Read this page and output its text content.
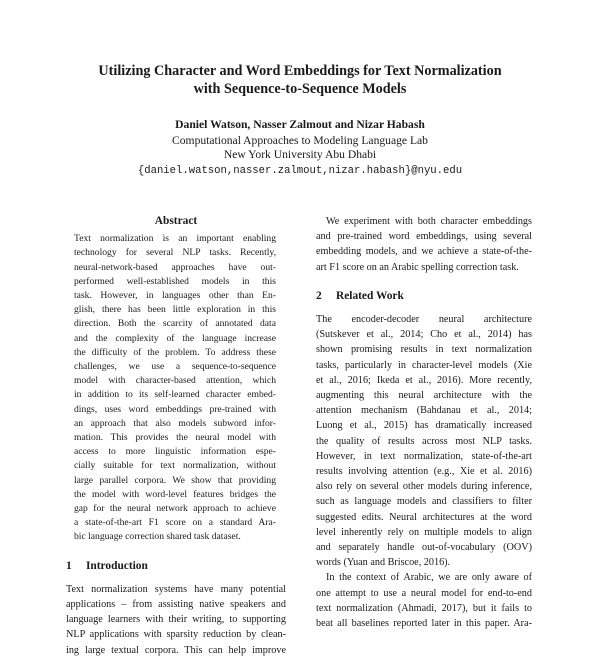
Utilizing Character and Word Embeddings for Text Normalization
with Sequence-to-Sequence Models
Daniel Watson, Nasser Zalmout and Nizar Habash
Computational Approaches to Modeling Language Lab
New York University Abu Dhabi
{daniel.watson,nasser.zalmout,nizar.habash}@nyu.edu
Abstract
Text normalization is an important enabling
technology for several NLP tasks. Recently,
neural-network-based approaches have out-
performed well-established models in this
task. However, in languages other than En-
glish, there has been little exploration in this
direction. Both the scarcity of annotated data
and the complexity of the language increase
the difficulty of the problem. To address these
challenges, we use a sequence-to-sequence
model with character-based attention, which
in addition to its self-learned character embed-
dings, uses word embeddings pre-trained with
an approach that also models subword infor-
mation. This provides the neural model with
access to more linguistic information espe-
cially suitable for text normalization, without
large parallel corpora. We show that providing
the model with word-level features bridges the
gap for the neural network approach to achieve
a state-of-the-art F1 score on a standard Ara-
bic language correction shared task dataset.
1 Introduction
Text normalization systems have many potential
applications – from assisting native speakers and
language learners with their writing, to supporting
NLP applications with sparsity reduction by clean-
ing large textual corpora. This can help improve
We experiment with both character embeddings
and pre-trained word embeddings, using several
embedding models, and we achieve a state-of-the-
art F1 score on an Arabic spelling correction task.
2 Related Work
The encoder-decoder neural architecture
(Sutskever et al., 2014; Cho et al., 2014) has
shown promising results in text normalization
tasks, particularly in character-level models (Xie
et al., 2016; Ikeda et al., 2016). More recently,
augmenting this neural architecture with the
attention mechanism (Bahdanau et al., 2014;
Luong et al., 2015) has dramatically increased
the quality of results across most NLP tasks.
However, in text normalization, state-of-the-art
results involving attention (e.g., Xie et al. 2016)
also rely on several other models during inference,
such as language models and classifiers to filter
suggested edits. Neural architectures at the word
level inherently rely on multiple models to align
and separately handle out-of-vocabulary (OOV)
words (Yuan and Briscoe, 2016).
In the context of Arabic, we are only aware of
one attempt to use a neural model for end-to-end
text normalization (Ahmadi, 2017), but it fails to
beat all baselines reported later in this paper. Ara-
